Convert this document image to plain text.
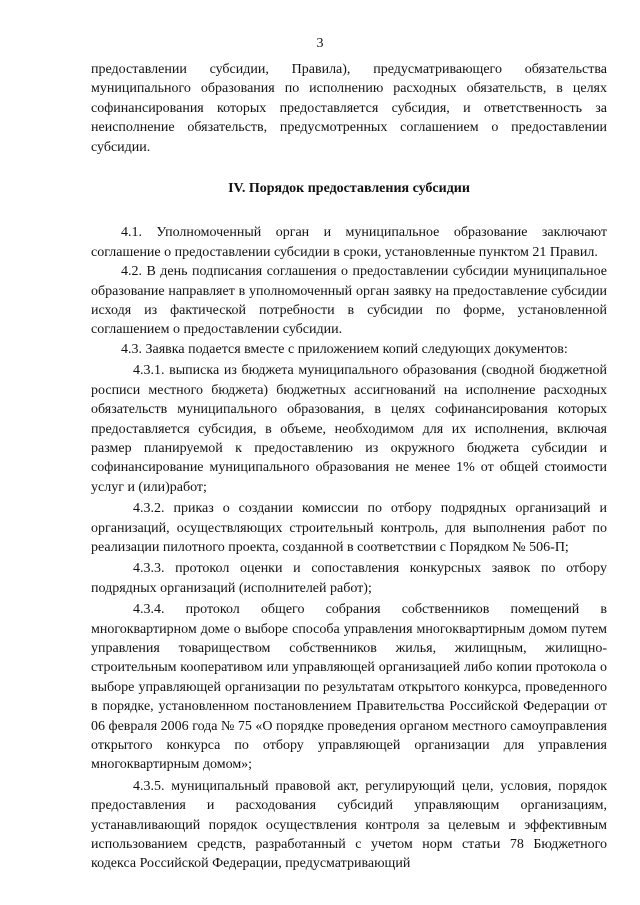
3

предоставлении субсидии, Правила), предусматривающего обязательства муниципального образования по исполнению расходных обязательств, в целях софинансирования которых предоставляется субсидия, и ответственность за неисполнение обязательств, предусмотренных соглашением о предоставлении субсидии.

IV. Порядок предоставления субсидии

4.1. Уполномоченный орган и муниципальное образование заключают соглашение о предоставлении субсидии в сроки, установленные пунктом 21 Правил.

4.2. В день подписания соглашения о предоставлении субсидии муниципальное образование направляет в уполномоченный орган заявку на предоставление субсидии исходя из фактической потребности в субсидии по форме, установленной соглашением о предоставлении субсидии.

4.3. Заявка подается вместе с приложением копий следующих документов:

4.3.1. выписка из бюджета муниципального образования (сводной бюджетной росписи местного бюджета) бюджетных ассигнований на исполнение расходных обязательств муниципального образования, в целях софинансирования которых предоставляется субсидия, в объеме, необходимом для их исполнения, включая размер планируемой к предоставлению из окружного бюджета субсидии и софинансирование муниципального образования не менее 1% от общей стоимости услуг и (или)работ;

4.3.2. приказ о создании комиссии по отбору подрядных организаций и организаций, осуществляющих строительный контроль, для выполнения работ по реализации пилотного проекта, созданной в соответствии с Порядком № 506-П;

4.3.3. протокол оценки и сопоставления конкурсных заявок по отбору подрядных организаций (исполнителей работ);

4.3.4. протокол общего собрания собственников помещений в многоквартирном доме о выборе способа управления многоквартирным домом путем управления товариществом собственников жилья, жилищным, жилищно-строительным кооперативом или управляющей организацией либо копии протокола о выборе управляющей организации по результатам открытого конкурса, проведенного в порядке, установленном постановлением Правительства Российской Федерации от 06 февраля 2006 года № 75 «О порядке проведения органом местного самоуправления открытого конкурса по отбору управляющей организации для управления многоквартирным домом»;

4.3.5. муниципальный правовой акт, регулирующий цели, условия, порядок предоставления и расходования субсидий управляющим организациям, устанавливающий порядок осуществления контроля за целевым и эффективным использованием средств, разработанный с учетом норм статьи 78 Бюджетного кодекса Российской Федерации, предусматривающий
